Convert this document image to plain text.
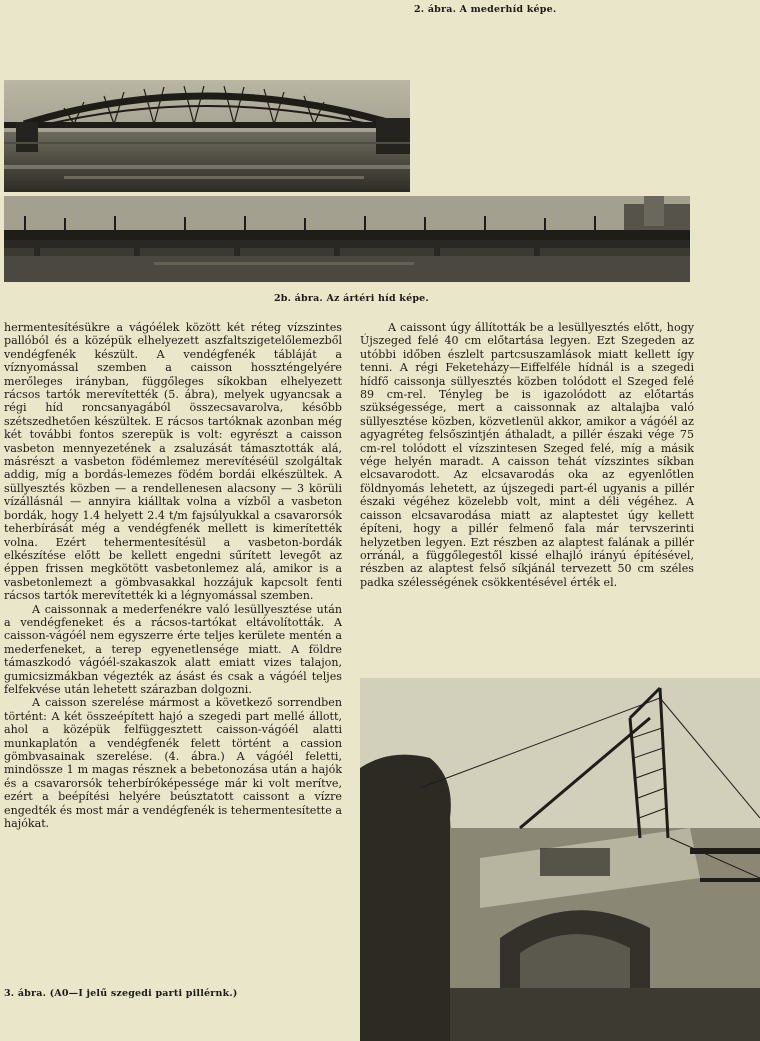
2. ábra. A mederhíd képe.
2b. ábra. Az ártéri híd képe.

hermentesítésükre a vágóélek között két réteg vízszintes pallóból és a középük elhelyezett aszfaltszigetelőlemezből vendégfenék készült. A vendégfenék tábláját a víznyomással szemben a caisson hosszténgelyére merőleges irányban, függőleges síkokban elhelyezett rácsos tartók merevítették (5. ábra), melyek ugyancsak a régi híd roncsanyagából összecsavarolva, később szétszedhetően készültek. E rácsos tartóknak azonban még két további fontos szerepük is volt: egyrészt a caisson vasbeton mennyezetének a zsaluzását támasztották alá, másrészt a vasbeton födémlemez merevítéséül szolgáltak addig, míg a bordás-lemezes födém bordái elkészültek. A süllyesztés közben — a rendellenesen alacsony — 3 körüli vízállásnál — annyira kiálltak volna a vízből a vasbeton bordák, hogy 1.4 helyett 2.4 t/m fajsúlyukkal a csavarorsók teherbírását még a vendégfenék mellett is kimerítették volna. Ezért tehermentesítésül a vasbeton-bordák elkészítése előtt be kellett engedni sűrített levegőt az éppen frissen megkötött vasbetonlemez alá, amikor is a vasbetonlemezt a gömbvasakkal hozzájuk kapcsolt fenti rácsos tartók merevítették ki a légnyomással szemben.

A caissonnak a mederfenékre való lesüllyesztése után a vendégfeneket és a rácsos-tartókat eltávolították. A caisson-vágóél nem egyszerre érte teljes kerülete mentén a mederfeneket, a terep egyenetlensége miatt. A földre támaszkodó vágóél-szakaszok alatt emiatt vizes talajon, gumicsizmákban végezték az ásást és csak a vágóél teljes felfekvése után lehetett szárazban dolgozni.

A caisson szerelése mármost a következő sorrendben történt: A két összeépített hajó a szegedi part mellé állott, ahol a középük felfüggesztett caisson-vágóél alatti munkaplatón a vendégfenék felett történt a cassion gömbvasainak szerelése. (4. ábra.) A vágóél feletti, mindössze 1 m magas résznek a bebetonozása után a hajók és a csavarorsók teherbíróképessége már ki volt merítve, ezért a beépítési helyére beúsztatott caissont a vízre engedték és most már a vendégfenék is tehermentesítette a hajókat.

A caissont úgy állították be a lesüllyesztés előtt, hogy Újszeged felé 40 cm előtartása legyen. Ezt Szegeden az utóbbi időben észlelt partcsuszamlások miatt kellett így tenni. A régi Feketeházy—Eiffelféle hídnál is a szegedi hídfő caissonja süllyesztés közben tolódott el Szeged felé 89 cm-rel. Tényleg be is igazolódott az előtartás szükségessége, mert a caissonnak az altalajba való süllyesztése közben, közvetlenül akkor, amikor a vágóél az agyagréteg felsőszintjén áthaladt, a pillér északi vége 75 cm-rel tolódott el vízszintesen Szeged felé, míg a másik vége helyén maradt. A caisson tehát vízszintes síkban elcsavarodott. Az elcsavarodás oka az egyenlőtlen földnyomás lehetett, az újszegedi part-él ugyanis a pillér északi végéhez közelebb volt, mint a déli végéhez. A caisson elcsavarodása miatt az alaptestet úgy kellett építeni, hogy a pillér felmenő fala már tervszerinti helyzetben legyen. Ezt részben az alaptest falának a pillér orránál, a függőlegestől kissé elhajló irányú építésével, részben az alaptest felső síkjánál tervezett 50 cm széles padka szélességének csökkentésével érték el.

3. ábra. (A0—I jelű szegedi parti pillérnk.)
